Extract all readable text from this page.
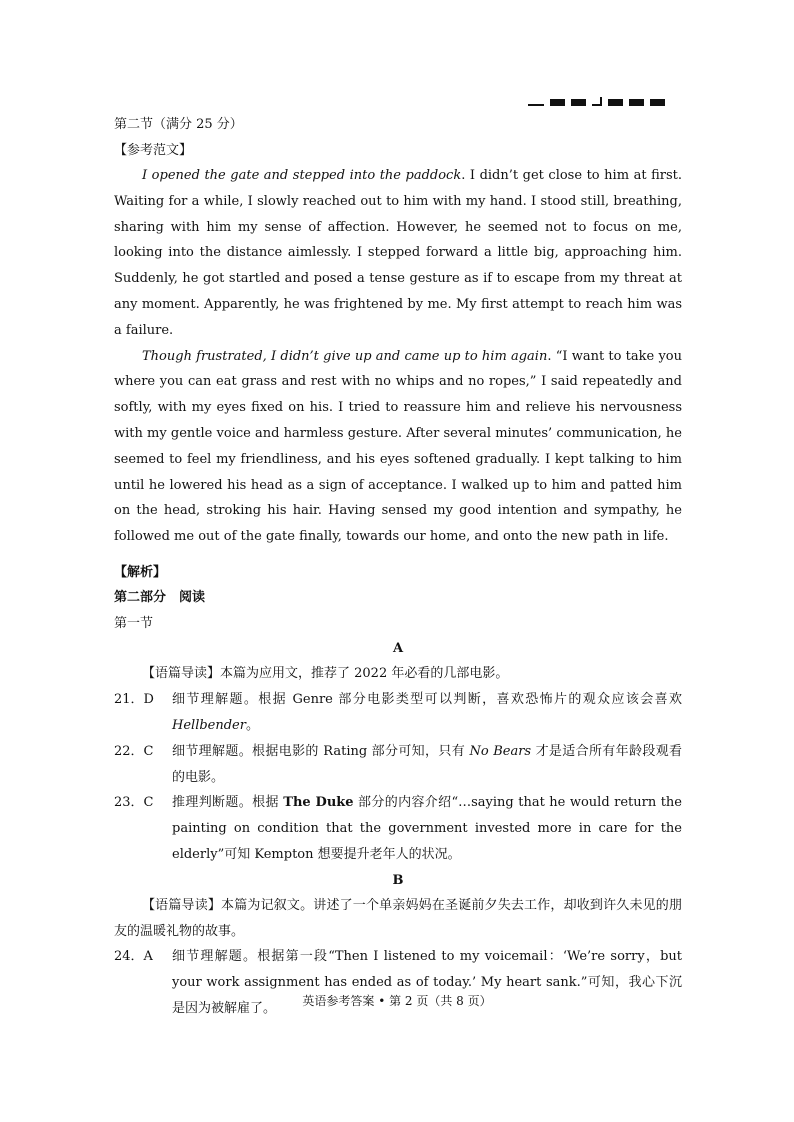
第二节（满分 25 分）
【参考范文】

I opened the gate and stepped into the paddock. I didn’t get close to him at first. Waiting for a while, I slowly reached out to him with my hand. I stood still, breathing, sharing with him my sense of affection. However, he seemed not to focus on me, looking into the distance aimlessly. I stepped forward a little big, approaching him. Suddenly, he got startled and posed a tense gesture as if to escape from my threat at any moment. Apparently, he was frightened by me. My first attempt to reach him was a failure.

Though frustrated, I didn’t give up and came up to him again. “I want to take you where you can eat grass and rest with no whips and no ropes,” I said repeatedly and softly, with my eyes fixed on his. I tried to reassure him and relieve his nervousness with my gentle voice and harmless gesture. After several minutes’ communication, he seemed to feel my friendliness, and his eyes softened gradually. I kept talking to him until he lowered his head as a sign of acceptance. I walked up to him and patted him on the head, stroking his hair. Having sensed my good intention and sympathy, he followed me out of the gate finally, towards our home, and onto the new path in life.

【解析】
第二部分　阅读
第一节
A

【语篇导读】本篇为应用文，推荐了 2022 年必看的几部电影。

21．D	细节理解题。根据 Genre 部分电影类型可以判断，喜欢恐怖片的观众应该会喜欢 Hellbender。
22．C	细节理解题。根据电影的 Rating 部分可知，只有 No Bears 才是适合所有年龄段观看的电影。
23．C	推理判断题。根据 The Duke 部分的内容介绍“…saying that he would return the painting on condition that the government invested more in care for the elderly”可知 Kempton 想要提升老年人的状况。
B

【语篇导读】本篇为记叙文。讲述了一个单亲妈妈在圣诞前夕失去工作，却收到许久未见的朋友的温暖礼物的故事。

24．A	细节理解题。根据第一段“Then I listened to my voicemail：‘We’re sorry，but your work assignment has ended as of today.’ My heart sank.”可知，我心下沉是因为被解雇了。
英语参考答案 • 第 2 页（共 8 页）
